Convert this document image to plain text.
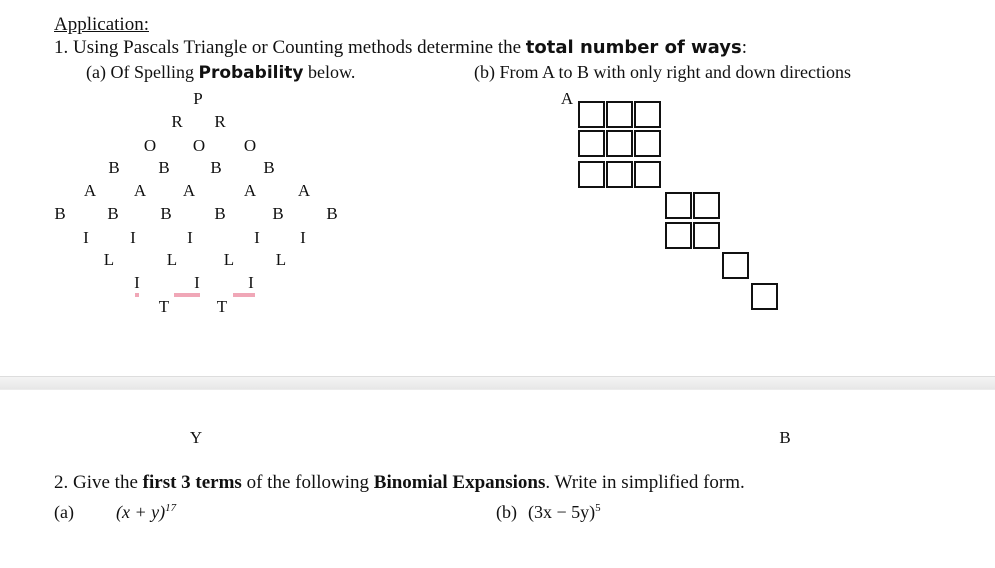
Application:
1. Using Pascals Triangle or Counting methods determine the total number of ways:
(a) Of Spelling Probability below.	(b) From A to B with only right and down directions
P
R R
O O O
B B B B
A A A	A A
B B B	B	B	B
I I	I	I I
L	L	L L
I	I	I
T	T
A
Y	B
2. Give the first 3 terms of the following Binomial Expansions. Write in simplified form.
(a) $(x + y)^{17}$	(b) $(3x - 5y)^5$
